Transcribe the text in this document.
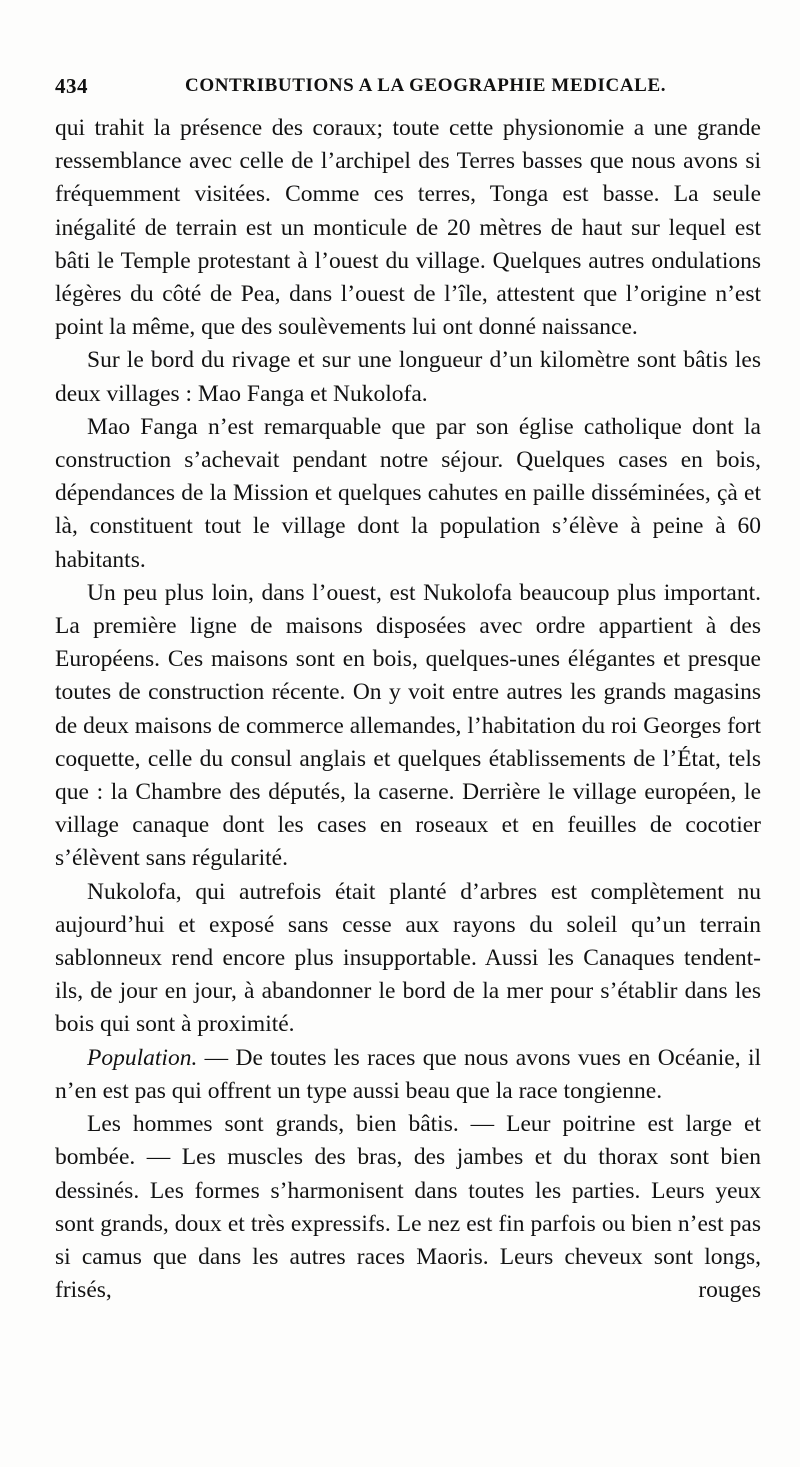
434	CONTRIBUTIONS A LA GEOGRAPHIE MEDICALE.

qui trahit la présence des coraux; toute cette physionomie a une grande ressemblance avec celle de l’archipel des Terres basses que nous avons si fréquemment visitées. Comme ces terres, Tonga est basse. La seule inégalité de terrain est un monticule de 20 mètres de haut sur lequel est bâti le Temple protestant à l’ouest du village. Quelques autres ondulations légères du côté de Pea, dans l’ouest de l’île, attestent que l’origine n’est point la même, que des soulèvements lui ont donné naissance.

Sur le bord du rivage et sur une longueur d’un kilomètre sont bâtis les deux villages : Mao Fanga et Nukolofa.

Mao Fanga n’est remarquable que par son église catholique dont la construction s’achevait pendant notre séjour. Quelques cases en bois, dépendances de la Mission et quelques cahutes en paille disséminées, çà et là, constituent tout le village dont la population s’élève à peine à 60 habitants.

Un peu plus loin, dans l’ouest, est Nukolofa beaucoup plus important. La première ligne de maisons disposées avec ordre appartient à des Européens. Ces maisons sont en bois, quelques-unes élégantes et presque toutes de construction récente. On y voit entre autres les grands magasins de deux maisons de commerce allemandes, l’habitation du roi Georges fort coquette, celle du consul anglais et quelques établissements de l’État, tels que : la Chambre des députés, la caserne. Derrière le village européen, le village canaque dont les cases en roseaux et en feuilles de cocotier s’élèvent sans régularité.

Nukolofa, qui autrefois était planté d’arbres est complètement nu aujourd’hui et exposé sans cesse aux rayons du soleil qu’un terrain sablonneux rend encore plus insupportable. Aussi les Canaques tendent-ils, de jour en jour, à abandonner le bord de la mer pour s’établir dans les bois qui sont à proximité.

Population. — De toutes les races que nous avons vues en Océanie, il n’en est pas qui offrent un type aussi beau que la race tongienne.

Les hommes sont grands, bien bâtis. — Leur poitrine est large et bombée. — Les muscles des bras, des jambes et du thorax sont bien dessinés. Les formes s’harmonisent dans toutes les parties. Leurs yeux sont grands, doux et très expressifs. Le nez est fin parfois ou bien n’est pas si camus que dans les autres races Maoris. Leurs cheveux sont longs, frisés, rouges
